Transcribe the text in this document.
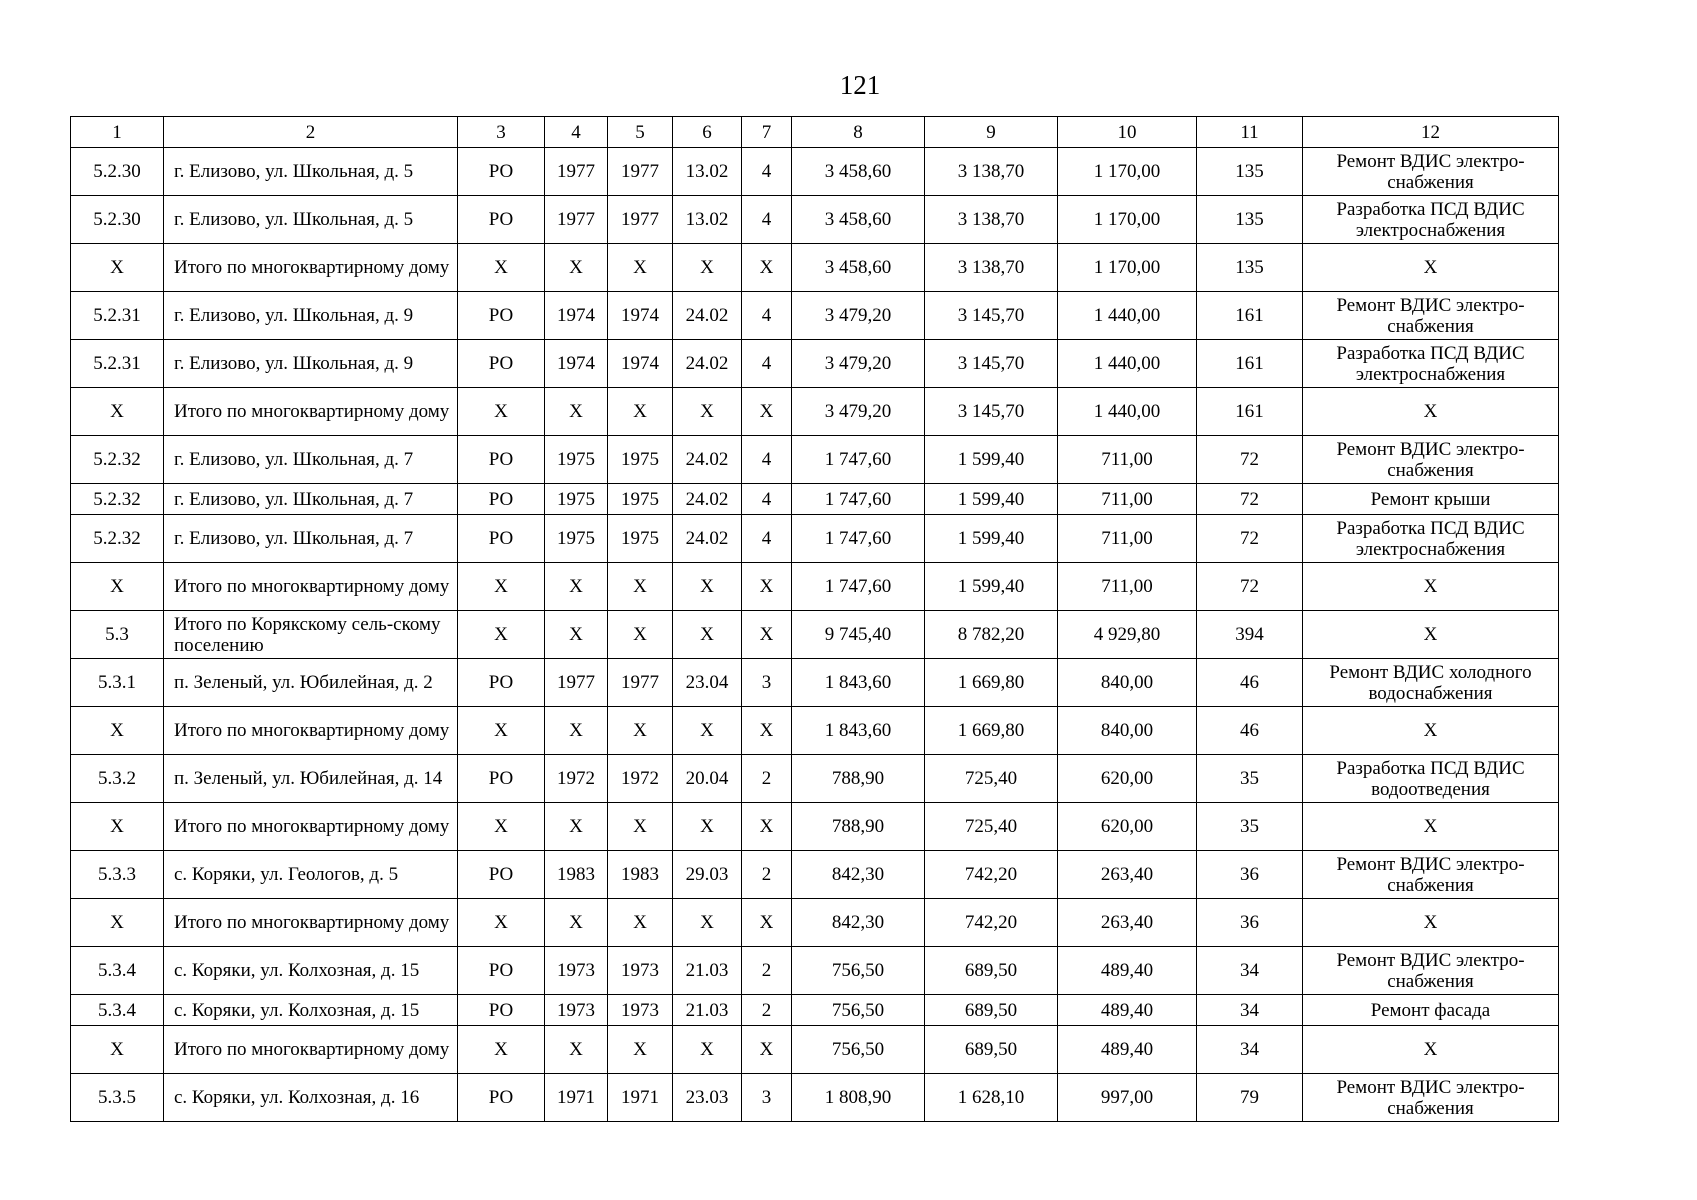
121
1	2	3	4	5	6	7	8	9	10	11	12
5.2.30	г. Елизово, ул. Школьная, д. 5	РО	1977	1977	13.02	4	3 458,60	3 138,70	1 170,00	135	Ремонт ВДИС электро-снабжения
5.2.30	г. Елизово, ул. Школьная, д. 5	РО	1977	1977	13.02	4	3 458,60	3 138,70	1 170,00	135	Разработка ПСД ВДИС электроснабжения
Х	Итого по многоквартирному дому	Х	Х	Х	Х	Х	3 458,60	3 138,70	1 170,00	135	Х
5.2.31	г. Елизово, ул. Школьная, д. 9	РО	1974	1974	24.02	4	3 479,20	3 145,70	1 440,00	161	Ремонт ВДИС электро-снабжения
5.2.31	г. Елизово, ул. Школьная, д. 9	РО	1974	1974	24.02	4	3 479,20	3 145,70	1 440,00	161	Разработка ПСД ВДИС электроснабжения
Х	Итого по многоквартирному дому	Х	Х	Х	Х	Х	3 479,20	3 145,70	1 440,00	161	Х
5.2.32	г. Елизово, ул. Школьная, д. 7	РО	1975	1975	24.02	4	1 747,60	1 599,40	711,00	72	Ремонт ВДИС электро-снабжения
5.2.32	г. Елизово, ул. Школьная, д. 7	РО	1975	1975	24.02	4	1 747,60	1 599,40	711,00	72	Ремонт крыши
5.2.32	г. Елизово, ул. Школьная, д. 7	РО	1975	1975	24.02	4	1 747,60	1 599,40	711,00	72	Разработка ПСД ВДИС электроснабжения
Х	Итого по многоквартирному дому	Х	Х	Х	Х	Х	1 747,60	1 599,40	711,00	72	Х
5.3	Итого по Корякскому сель-скому поселению	Х	Х	Х	Х	Х	9 745,40	8 782,20	4 929,80	394	Х
5.3.1	п. Зеленый, ул. Юбилейная, д. 2	РО	1977	1977	23.04	3	1 843,60	1 669,80	840,00	46	Ремонт ВДИС холодного водоснабжения
Х	Итого по многоквартирному дому	Х	Х	Х	Х	Х	1 843,60	1 669,80	840,00	46	Х
5.3.2	п. Зеленый, ул. Юбилейная, д. 14	РО	1972	1972	20.04	2	788,90	725,40	620,00	35	Разработка ПСД ВДИС водоотведения
Х	Итого по многоквартирному дому	Х	Х	Х	Х	Х	788,90	725,40	620,00	35	Х
5.3.3	с. Коряки, ул. Геологов, д. 5	РО	1983	1983	29.03	2	842,30	742,20	263,40	36	Ремонт ВДИС электро-снабжения
Х	Итого по многоквартирному дому	Х	Х	Х	Х	Х	842,30	742,20	263,40	36	Х
5.3.4	с. Коряки, ул. Колхозная, д. 15	РО	1973	1973	21.03	2	756,50	689,50	489,40	34	Ремонт ВДИС электро-снабжения
5.3.4	с. Коряки, ул. Колхозная, д. 15	РО	1973	1973	21.03	2	756,50	689,50	489,40	34	Ремонт фасада
Х	Итого по многоквартирному дому	Х	Х	Х	Х	Х	756,50	689,50	489,40	34	Х
5.3.5	с. Коряки, ул. Колхозная, д. 16	РО	1971	1971	23.03	3	1 808,90	1 628,10	997,00	79	Ремонт ВДИС электро-снабжения
